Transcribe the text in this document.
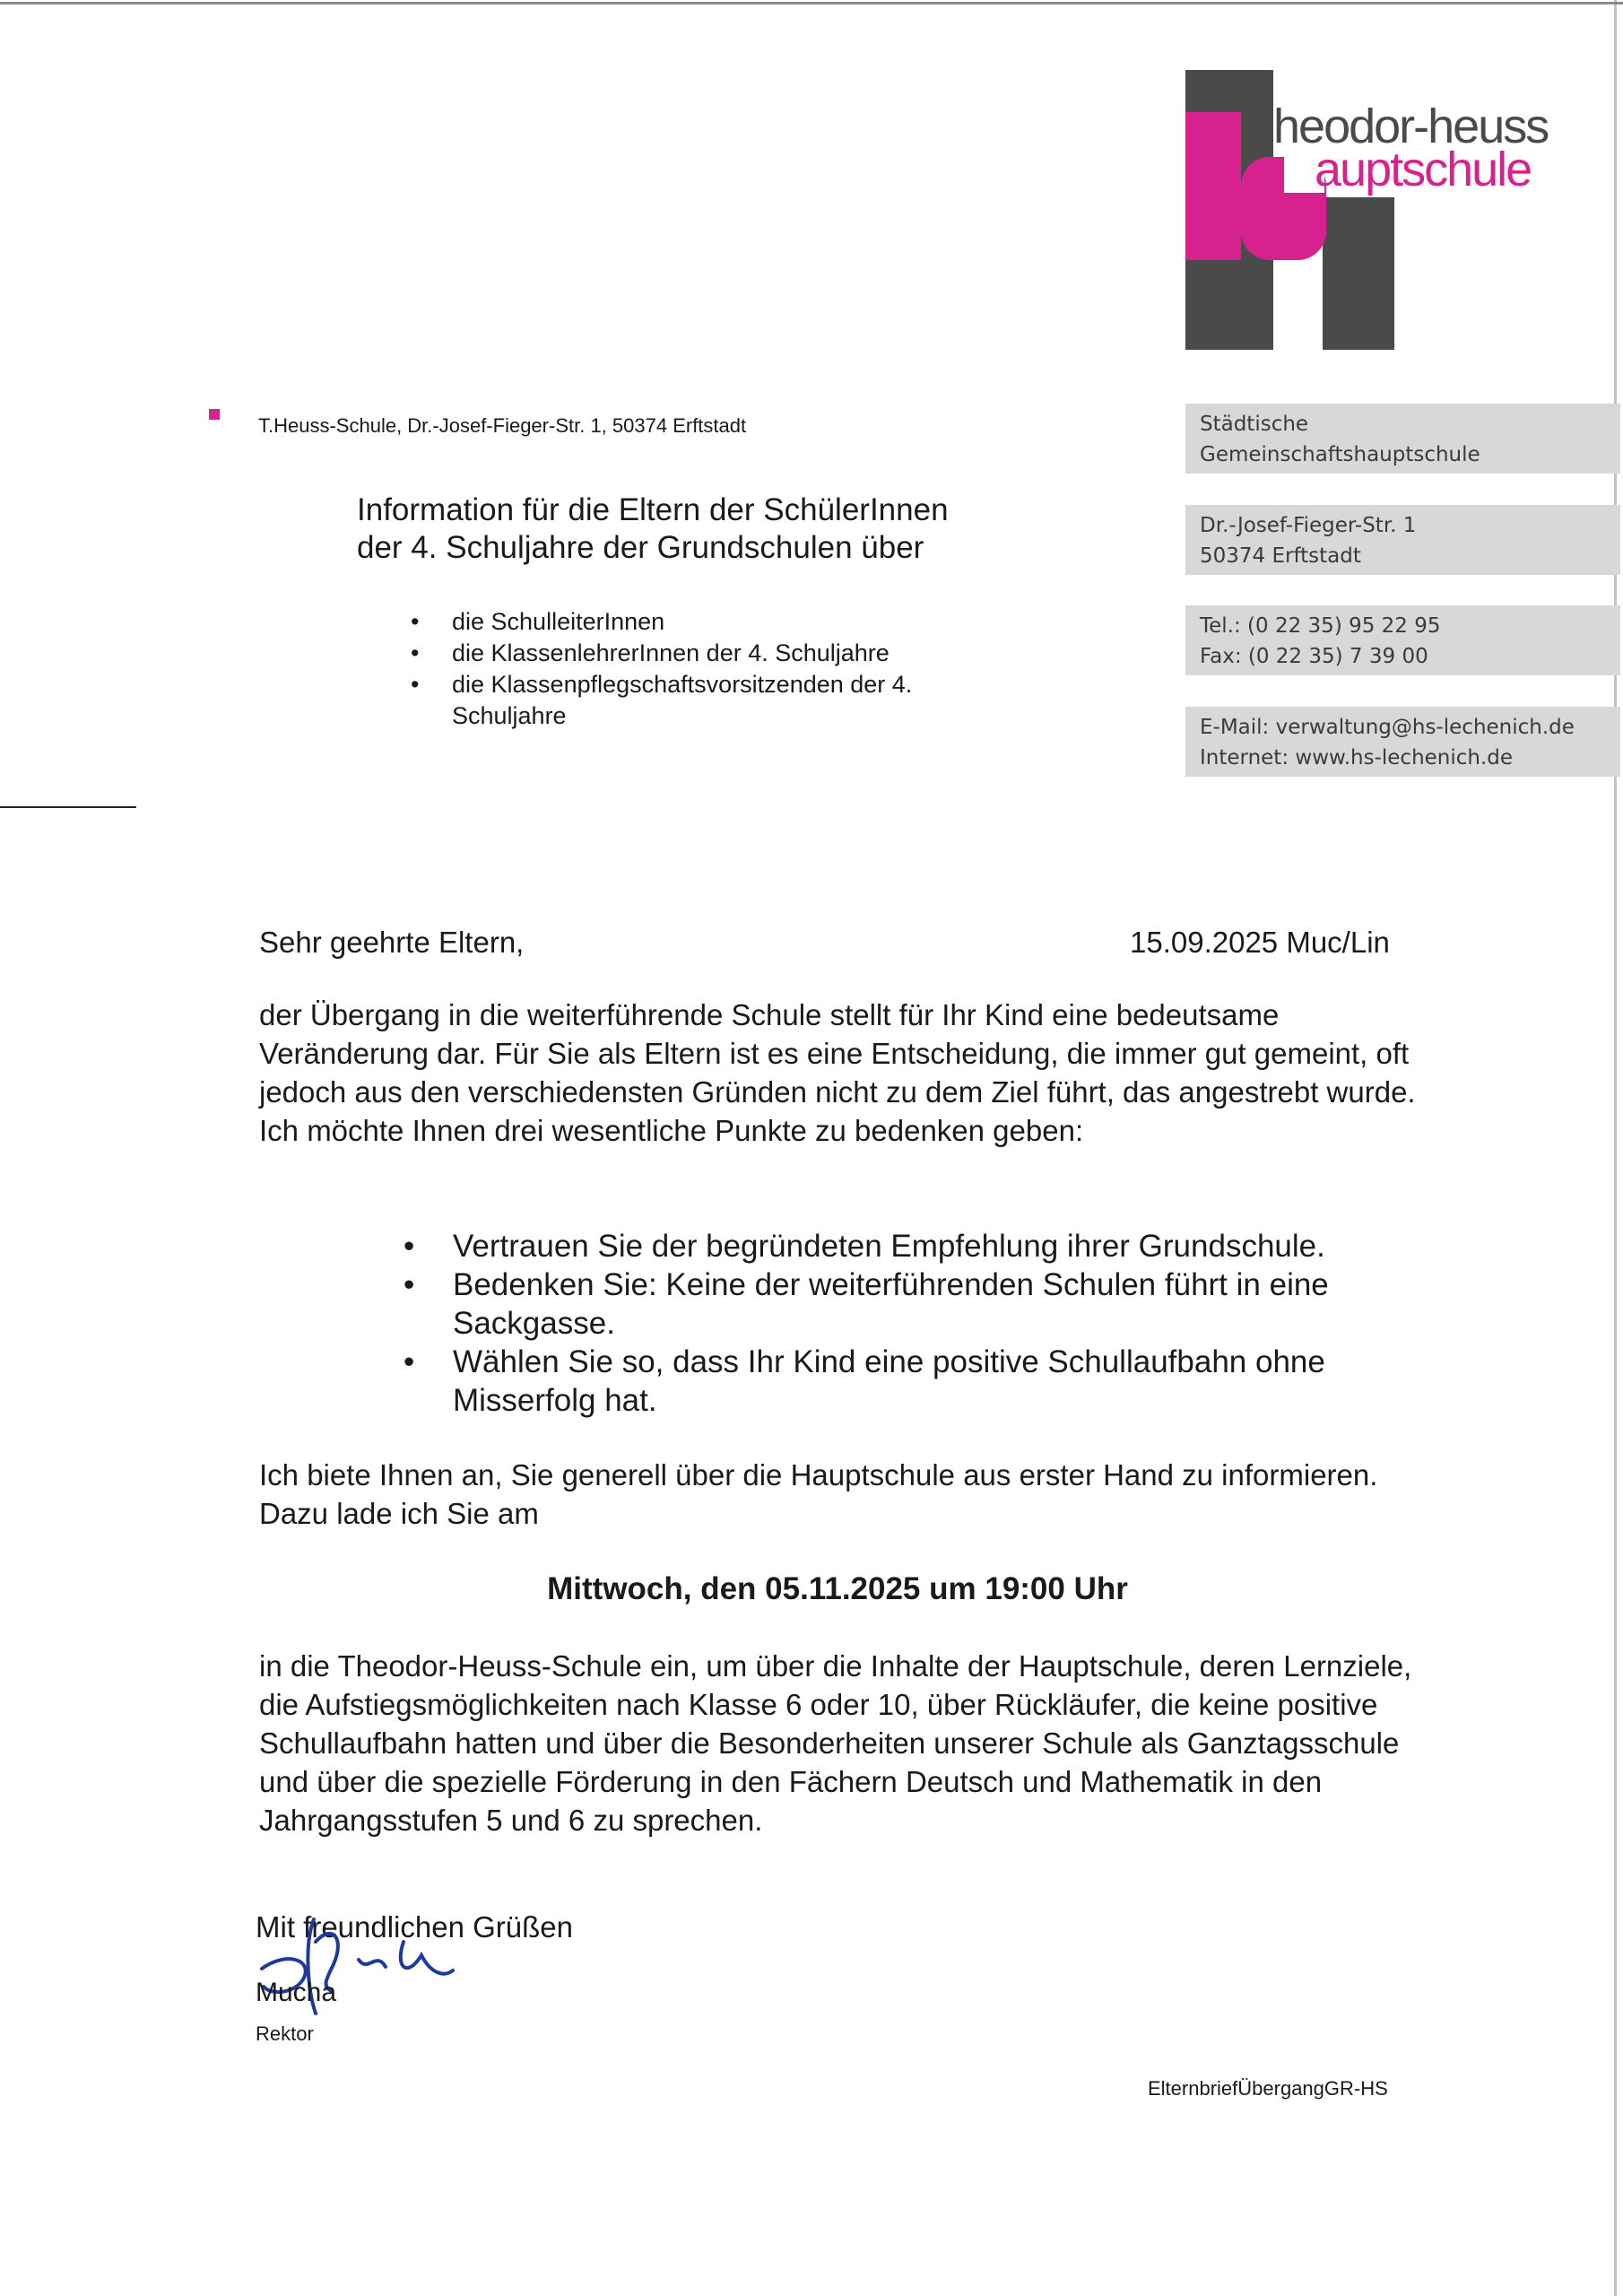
heodor-heuss
auptschule
T.Heuss-Schule, Dr.-Josef-Fieger-Str. 1, 50374 Erftstadt	Städtische
Gemeinschaftshauptschule
Dr.-Josef-Fieger-Str. 1
50374 Erftstadt
Tel.: (0 22 35) 95 22 95
Fax: (0 22 35) 7 39 00
E-Mail: verwaltung@hs-lechenich.de
Internet: www.hs-lechenich.de
Information für die Eltern der SchülerInnen
der 4. Schuljahre der Grundschulen über
• die SchulleiterInnen
• die KlassenlehrerInnen der 4. Schuljahre
• die Klassenpflegschaftsvorsitzenden der 4. Schuljahre
Sehr geehrte Eltern,	15.09.2025 Muc/Lin
der Übergang in die weiterführende Schule stellt für Ihr Kind eine bedeutsame Veränderung dar. Für Sie als Eltern ist es eine Entscheidung, die immer gut gemeint, oft jedoch aus den verschiedensten Gründen nicht zu dem Ziel führt, das angestrebt wurde. Ich möchte Ihnen drei wesentliche Punkte zu bedenken geben:
• Vertrauen Sie der begründeten Empfehlung ihrer Grundschule.
• Bedenken Sie: Keine der weiterführenden Schulen führt in eine Sackgasse.
• Wählen Sie so, dass Ihr Kind eine positive Schullaufbahn ohne Misserfolg hat.
Ich biete Ihnen an, Sie generell über die Hauptschule aus erster Hand zu informieren. Dazu lade ich Sie am
Mittwoch, den 05.11.2025 um 19:00 Uhr
in die Theodor-Heuss-Schule ein, um über die Inhalte der Hauptschule, deren Lernziele, die Aufstiegsmöglichkeiten nach Klasse 6 oder 10, über Rückläufer, die keine positive Schullaufbahn hatten und über die Besonderheiten unserer Schule als Ganztagsschule und über die spezielle Förderung in den Fächern Deutsch und Mathematik in den Jahrgangsstufen 5 und 6 zu sprechen.
Mit freundlichen Grüßen
Mucha
Rektor
ElternbriefÜbergangGR-HS
